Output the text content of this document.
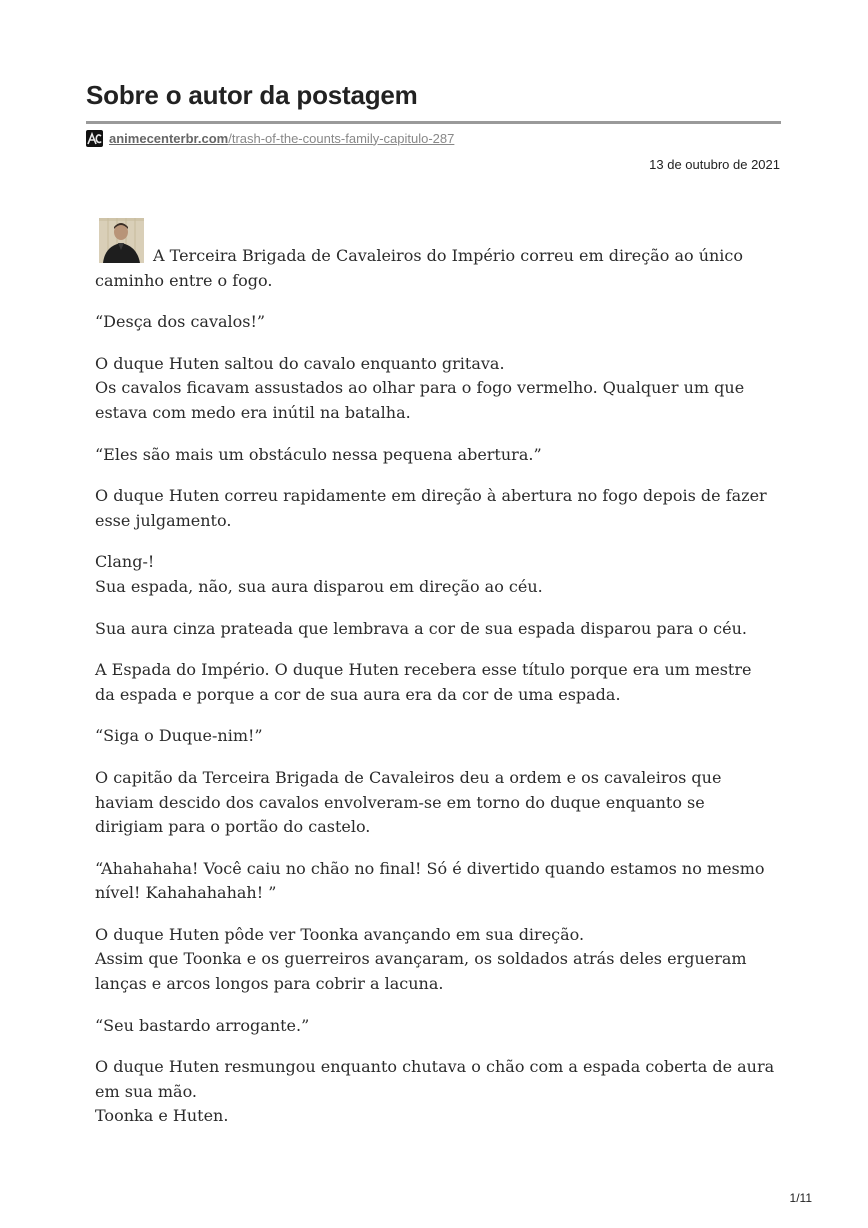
Sobre o autor da postagem
animecenterbr.com /trash-of-the-counts-family-capitulo-287
13 de outubro de 2021

A Terceira Brigada de Cavaleiros do Império correu em direção ao único caminho entre o fogo.

“Desça dos cavalos!”

O duque Huten saltou do cavalo enquanto gritava.
Os cavalos ficavam assustados ao olhar para o fogo vermelho. Qualquer um que estava com medo era inútil na batalha.

“Eles são mais um obstáculo nessa pequena abertura.”

O duque Huten correu rapidamente em direção à abertura no fogo depois de fazer esse julgamento.

Clang-!
Sua espada, não, sua aura disparou em direção ao céu.

Sua aura cinza prateada que lembrava a cor de sua espada disparou para o céu.

A Espada do Império. O duque Huten recebera esse título porque era um mestre da espada e porque a cor de sua aura era da cor de uma espada.

“Siga o Duque-nim!”

O capitão da Terceira Brigada de Cavaleiros deu a ordem e os cavaleiros que haviam descido dos cavalos envolveram-se em torno do duque enquanto se dirigiam para o portão do castelo.

“Ahahahaha! Você caiu no chão no final! Só é divertido quando estamos no mesmo nível! Kahahahahah! ”

O duque Huten pôde ver Toonka avançando em sua direção.
Assim que Toonka e os guerreiros avançaram, os soldados atrás deles ergueram lanças e arcos longos para cobrir a lacuna.

“Seu bastardo arrogante.”

O duque Huten resmungou enquanto chutava o chão com a espada coberta de aura em sua mão.
Toonka e Huten.

1/11
